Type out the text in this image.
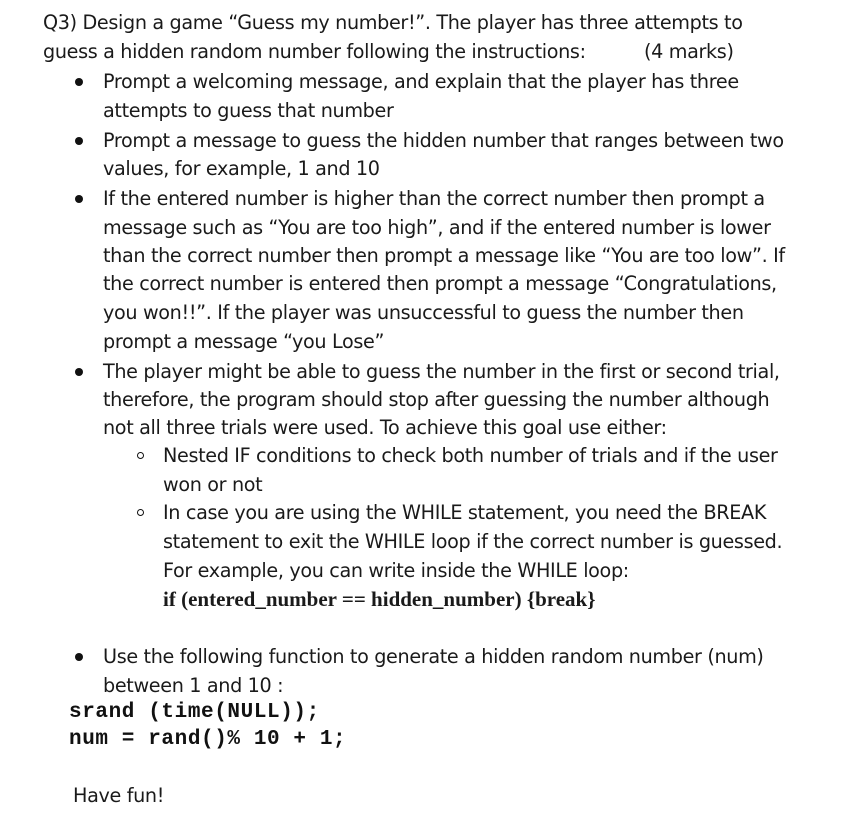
Q3) Design a game “Guess my number!”. The player has three attempts to
guess a hidden random number following the instructions:	(4 marks)
Prompt a welcoming message, and explain that the player has three
attempts to guess that number
Prompt a message to guess the hidden number that ranges between two
values, for example, 1 and 10
If the entered number is higher than the correct number then prompt a
message such as “You are too high”, and if the entered number is lower
than the correct number then prompt a message like “You are too low”. If
the correct number is entered then prompt a message “Congratulations,
you won!!”. If the player was unsuccessful to guess the number then
prompt a message “you Lose”
The player might be able to guess the number in the first or second trial,
therefore, the program should stop after guessing the number although
not all three trials were used. To achieve this goal use either:
Nested IF conditions to check both number of trials and if the user
won or not
In case you are using the WHILE statement, you need the BREAK
statement to exit the WHILE loop if the correct number is guessed.
For example, you can write inside the WHILE loop:
if (entered_number == hidden_number) {break}
Use the following function to generate a hidden random number (num)
between 1 and 10 :
srand (time(NULL));
num = rand()% 10 + 1;
Have fun!
